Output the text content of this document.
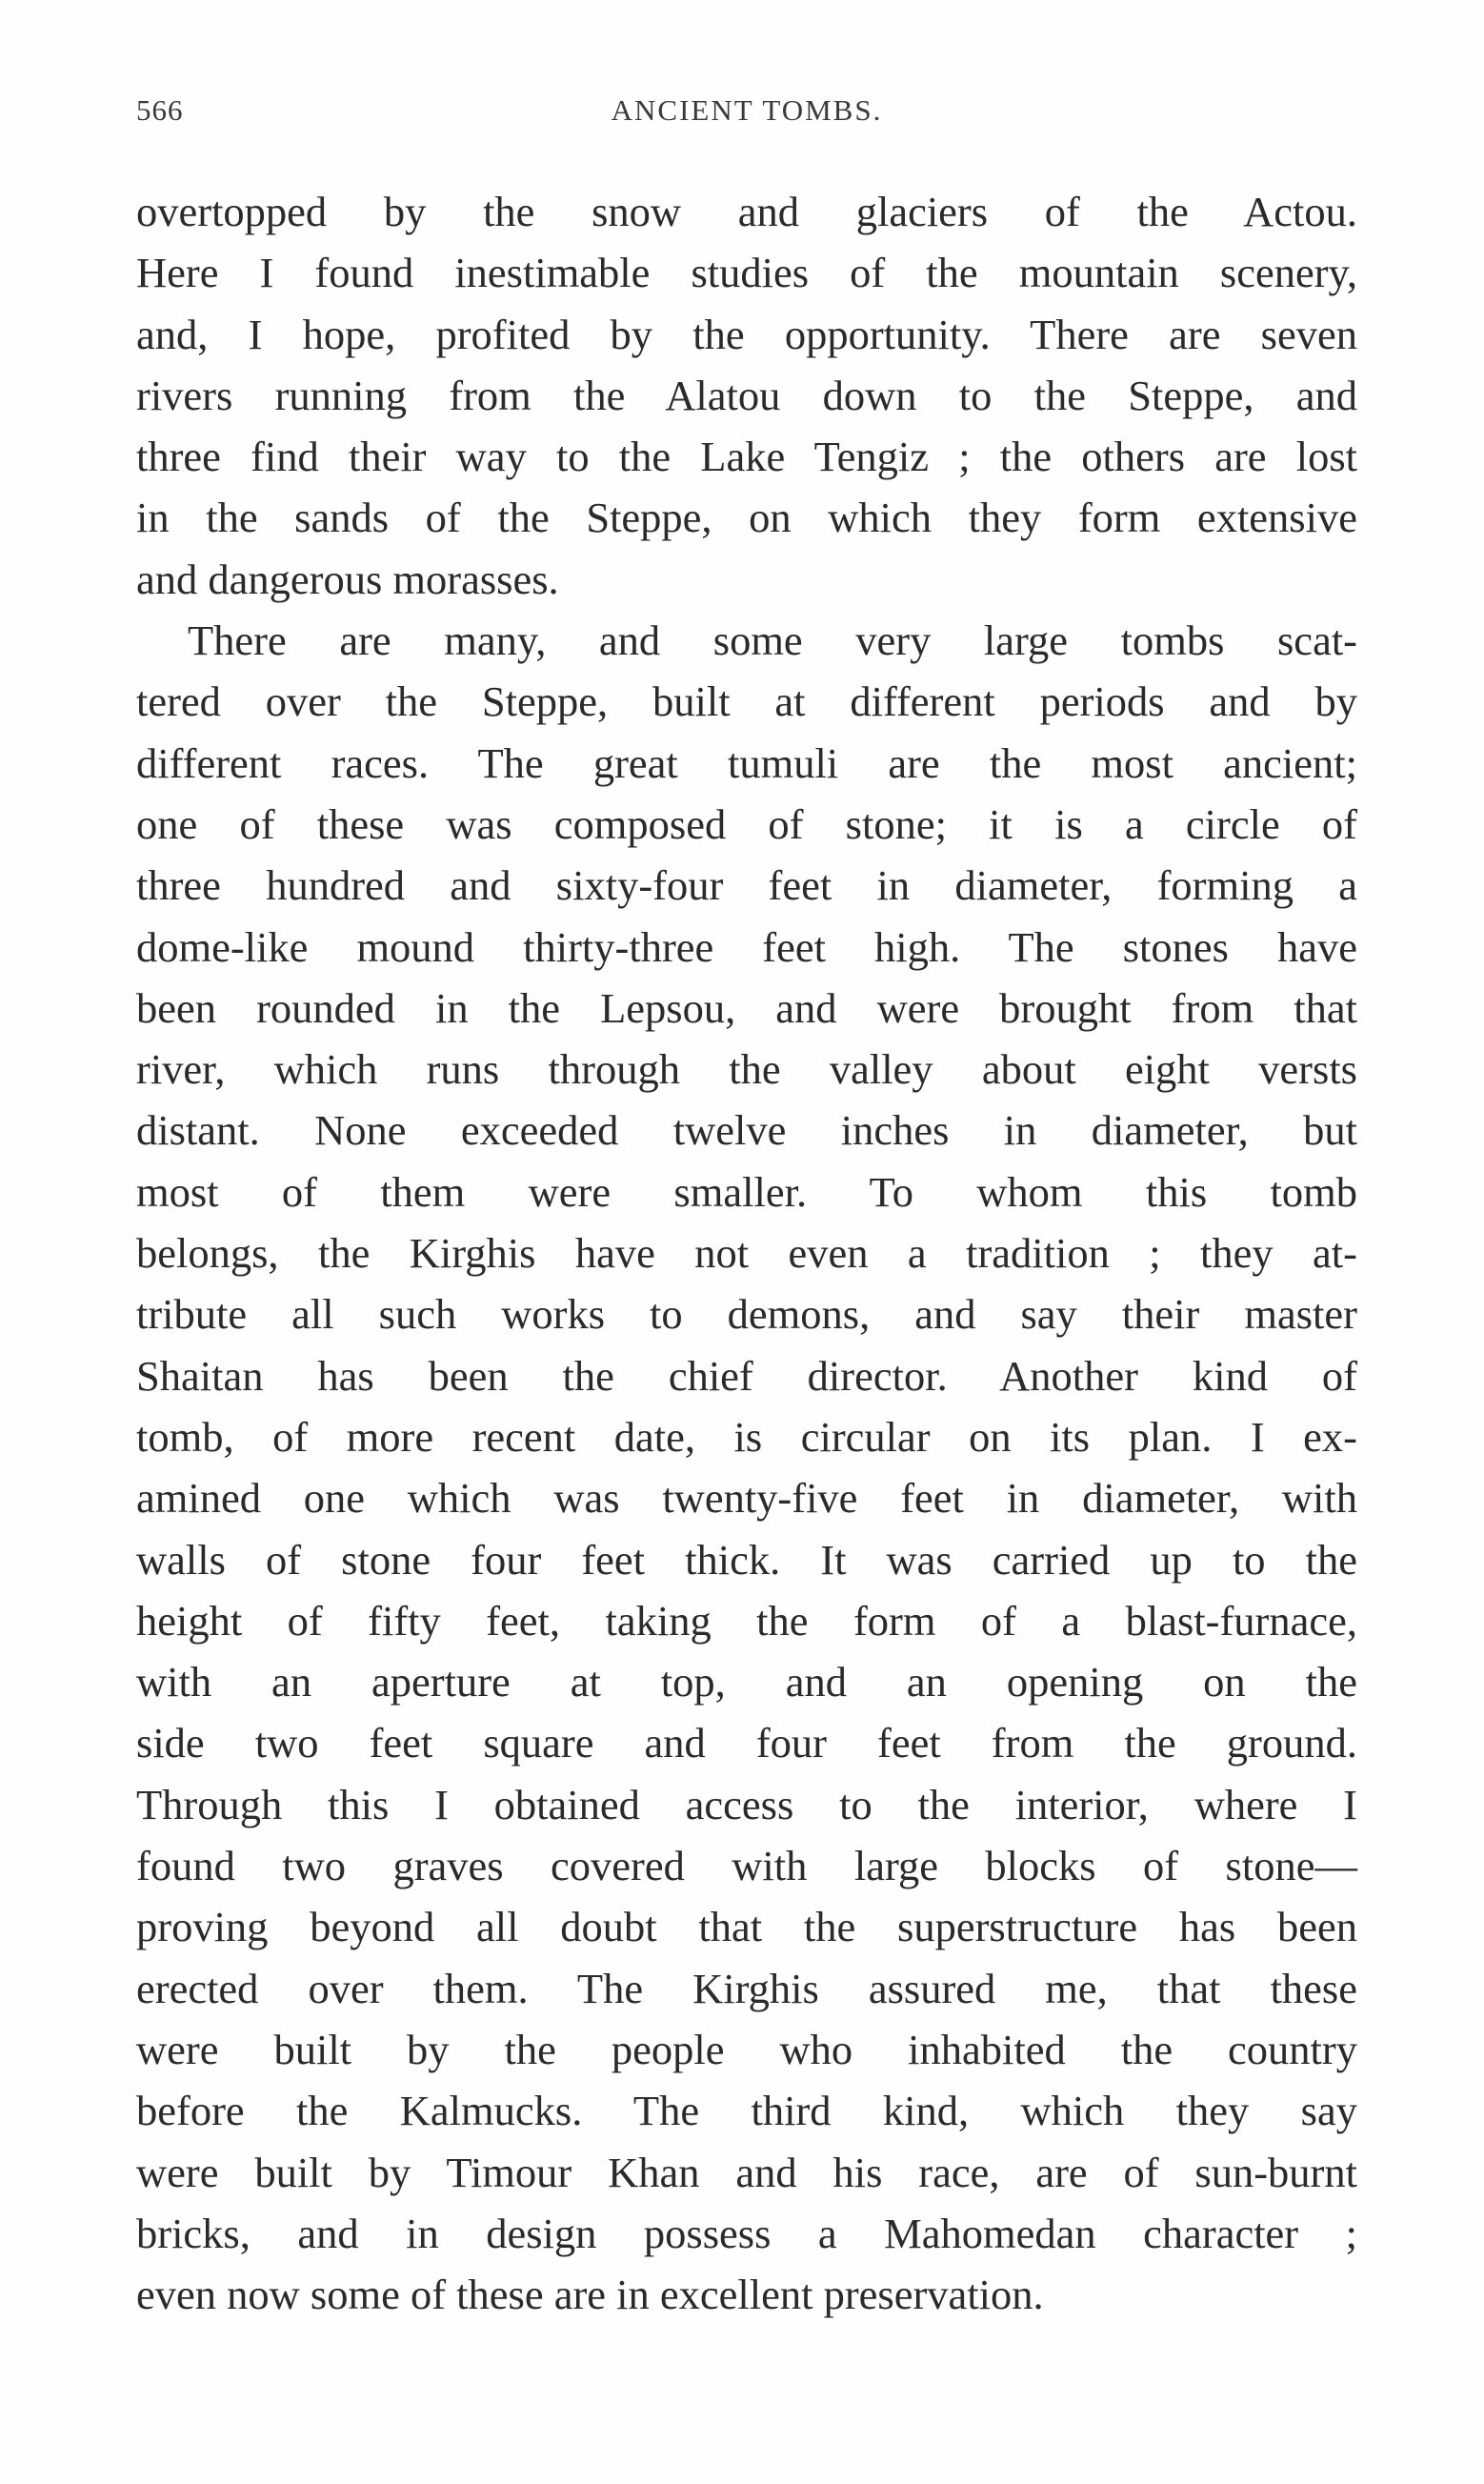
566	ANCIENT TOMBS.
overtopped by the snow and glaciers of the Actou.
Here I found inestimable studies of the mountain scenery,
and, I hope, profited by the opportunity. There are seven
rivers running from the Alatou down to the Steppe, and
three find their way to the Lake Tengiz ; the others are lost
in the sands of the Steppe, on which they form extensive
and dangerous morasses.
There are many, and some very large tombs scat-
tered over the Steppe, built at different periods and by
different races. The great tumuli are the most ancient;
one of these was composed of stone; it is a circle of
three hundred and sixty-four feet in diameter, forming a
dome-like mound thirty-three feet high. The stones have
been rounded in the Lepsou, and were brought from that
river, which runs through the valley about eight versts
distant. None exceeded twelve inches in diameter, but
most of them were smaller. To whom this tomb
belongs, the Kirghis have not even a tradition ; they at-
tribute all such works to demons, and say their master
Shaitan has been the chief director. Another kind of
tomb, of more recent date, is circular on its plan. I ex-
amined one which was twenty-five feet in diameter, with
walls of stone four feet thick. It was carried up to the
height of fifty feet, taking the form of a blast-furnace,
with an aperture at top, and an opening on the
side two feet square and four feet from the ground.
Through this I obtained access to the interior, where I
found two graves covered with large blocks of stone—
proving beyond all doubt that the superstructure has been
erected over them. The Kirghis assured me, that these
were built by the people who inhabited the country
before the Kalmucks. The third kind, which they say
were built by Timour Khan and his race, are of sun-burnt
bricks, and in design possess a Mahomedan character ;
even now some of these are in excellent preservation.
